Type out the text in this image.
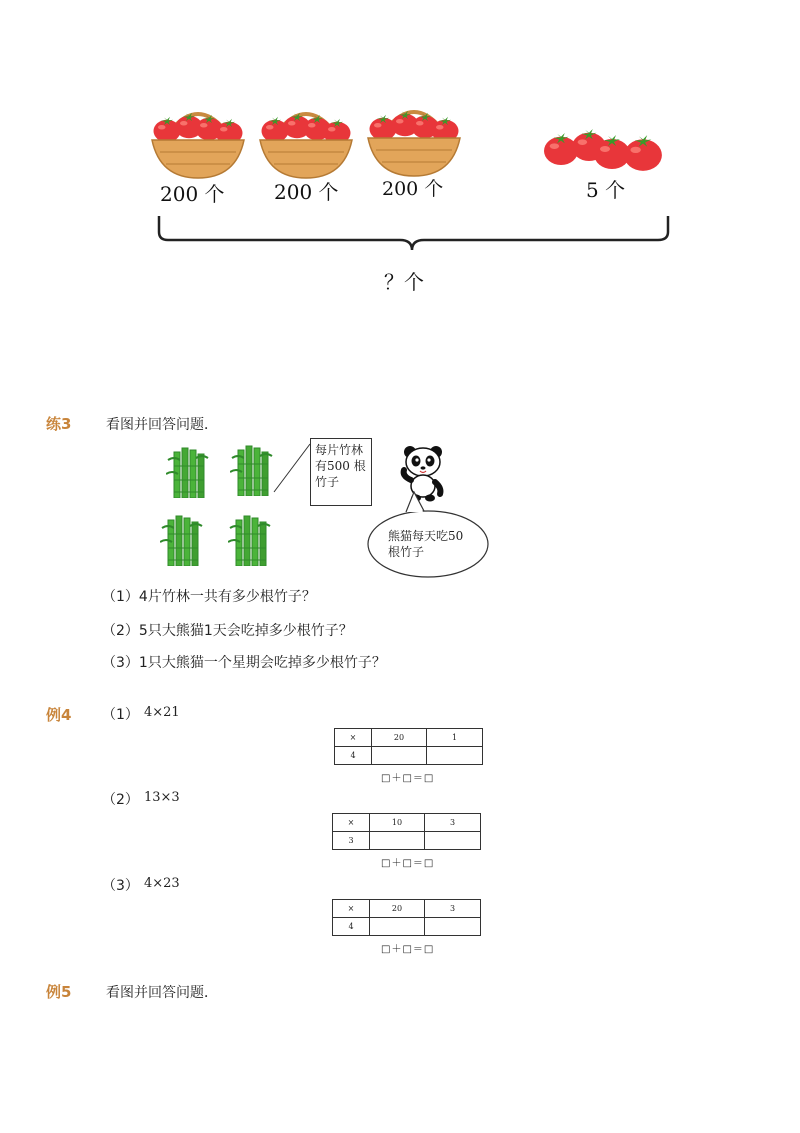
200 个 200 个 200 个	5 个
？个
练3 看图并回答问题．
每片竹林
有500 根
竹子
熊猫每天吃50
根竹子
（1）4片竹林一共有多少根竹子？
（2）5只大熊猫1天会吃掉多少根竹子？
（3）1只大熊猫一个星期会吃掉多少根竹子？
例4 （1） 4×21
×	20	1
4		
□＋□＝□
（2） 13×3
×	10	3
3		
□＋□＝□
（3） 4×23
×	20	3
4		
□＋□＝□
例5 看图并回答问题．
